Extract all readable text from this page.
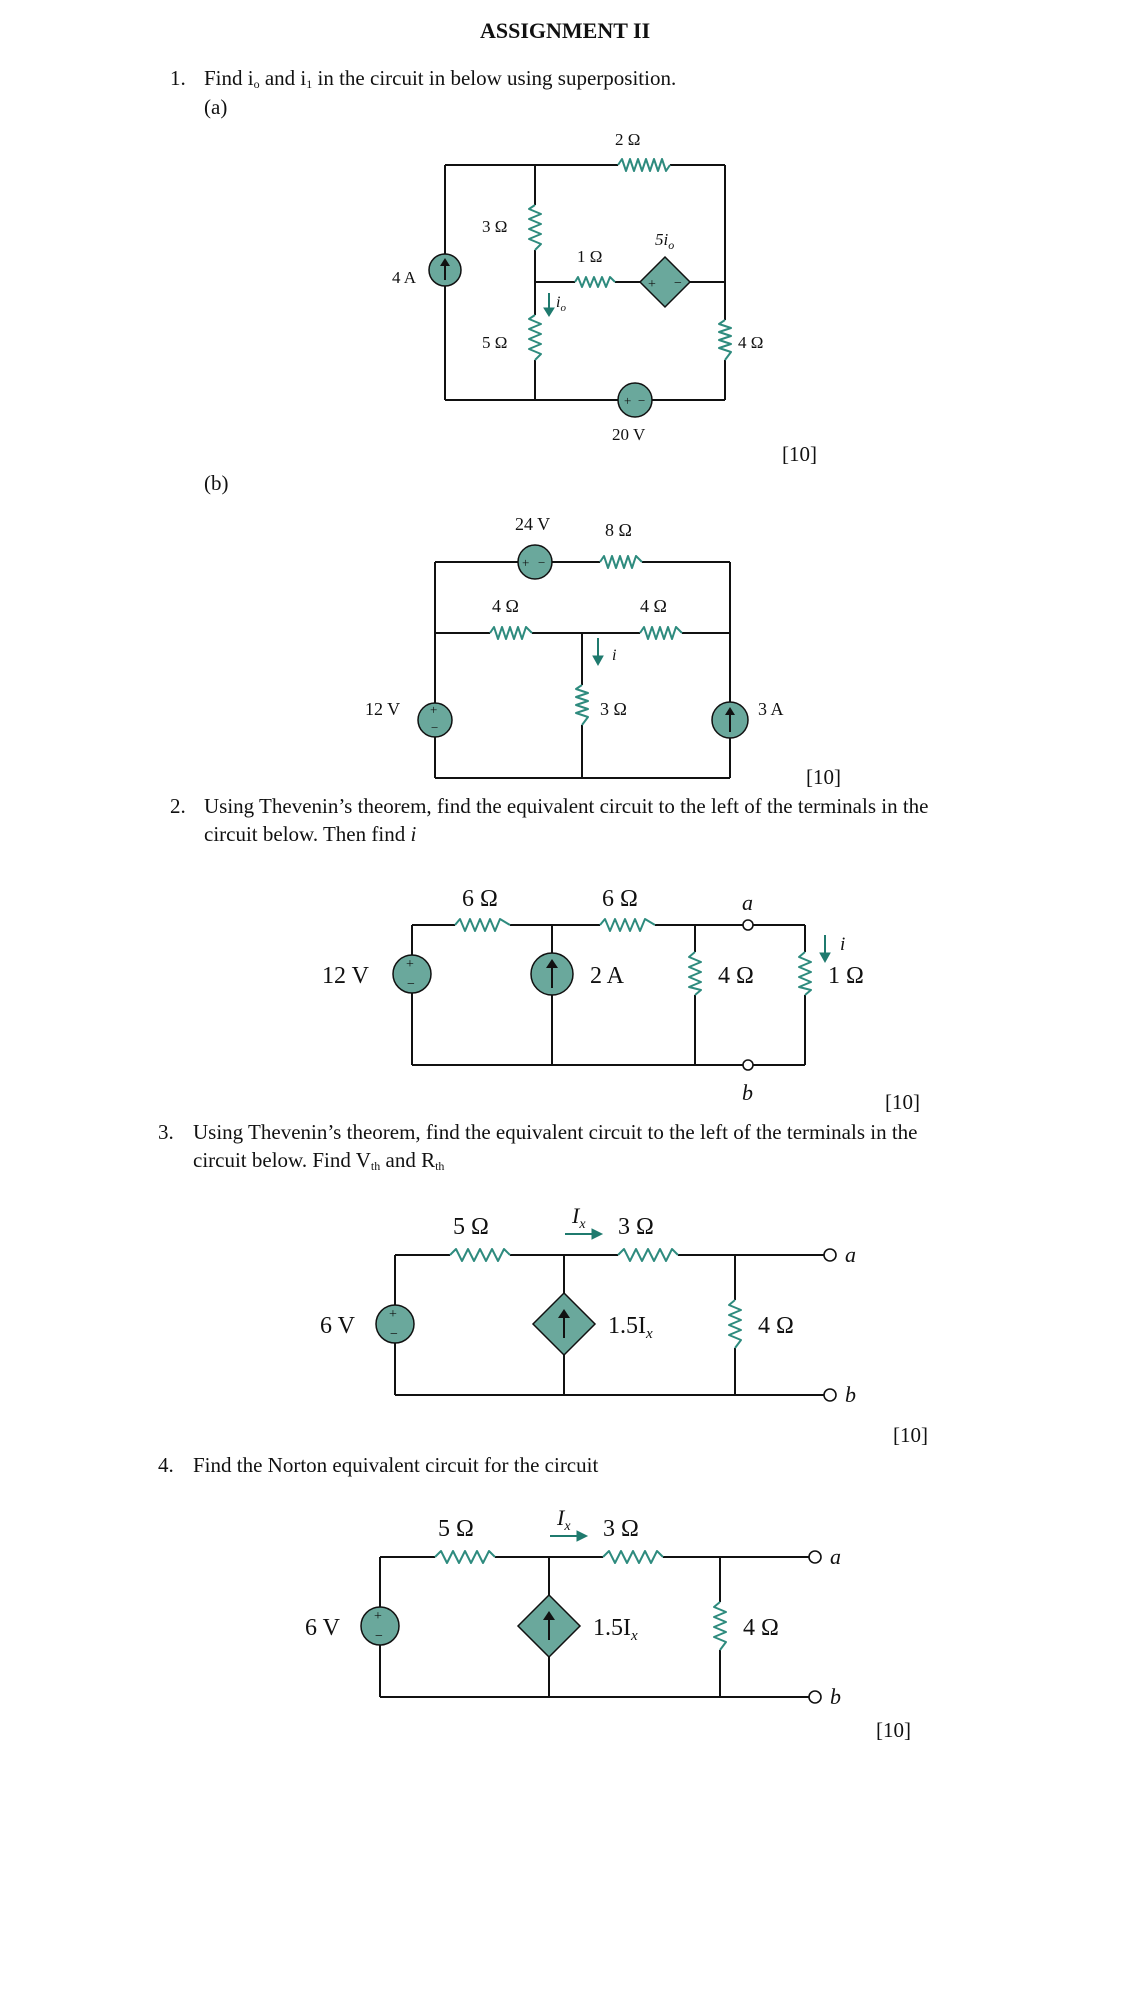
ASSIGNMENT II
1. Find $i_o$ and $i_1$ in the circuit in below using superposition.
(a)
+ −
+ −
2 Ω
3 Ω
1 Ω
$5i_o$
4 A
$i_o$
5 Ω	4 Ω
20 V
[10]
(b)
+ −
+
−
24 V	8 Ω
4 Ω	4 Ω
i
12 V	3 Ω	3 A
[10]
2. Using Thevenin’s theorem, find the equivalent circuit to the left of the terminals in the
circuit below. Then find i
+
−
6 Ω	6 Ω	a
i
12 V	2 A	4 Ω	1 Ω
b	[10]
3. Using Thevenin’s theorem, find the equivalent circuit to the left of the terminals in the
circuit below. Find $V_{th}$ and $R_{th}$
+
−
5 Ω	$I_x$ 3 Ω
a
6 V	$1.5I_x$	4 Ω
b
[10]
4. Find the Norton equivalent circuit for the circuit
+
−
5 Ω	$I_x$ 3 Ω
a
6 V	$1.5I_x$	4 Ω
b
[10]
